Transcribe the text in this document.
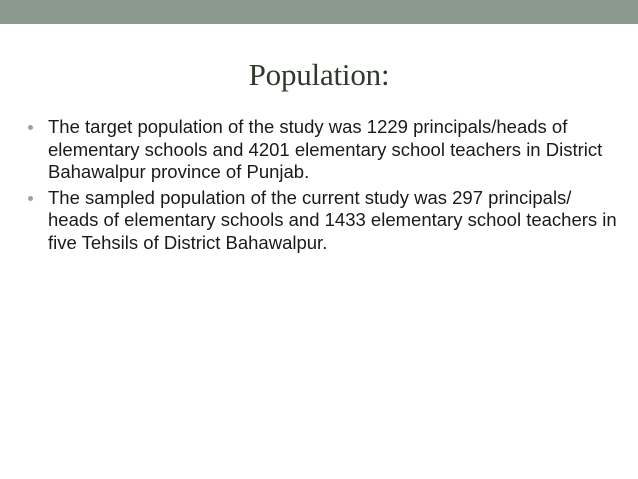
Population:
The target population of the study was 1229 principals/heads of elementary schools and 4201 elementary school teachers in District Bahawalpur province of Punjab.
The sampled population of the current study was 297 principals/ heads of elementary schools and 1433 elementary school teachers in five Tehsils of District Bahawalpur.
